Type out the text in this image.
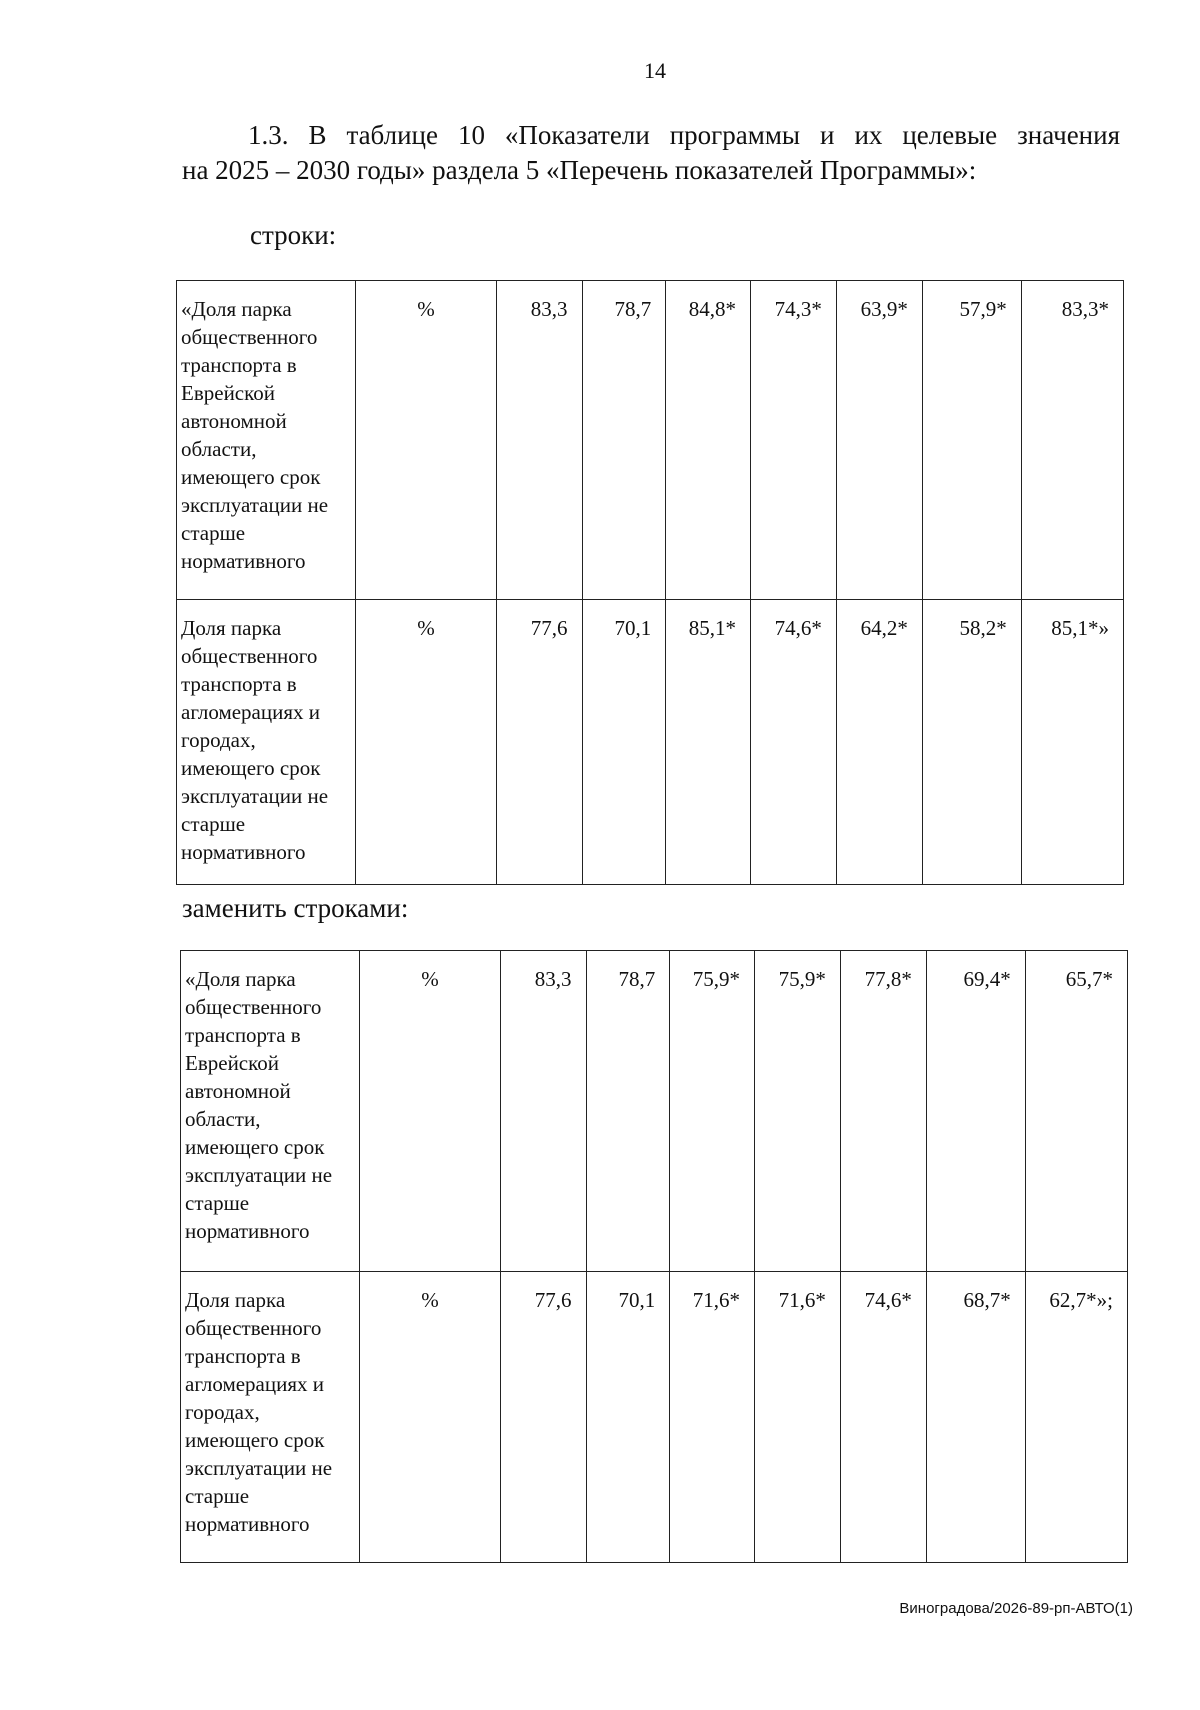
14
1.3. В таблице 10 «Показатели программы и их целевые значения
на 2025 – 2030 годы» раздела 5 «Перечень показателей Программы»:
строки:
«Доля парка общественного транспорта в Еврейской автономной области, имеющего срок эксплуатации не старше нормативного	%	83,3	78,7	84,8*	74,3*	63,9*	57,9*	83,3*
Доля парка общественного транспорта в агломерациях и городах, имеющего срок эксплуатации не старше нормативного	%	77,6	70,1	85,1*	74,6*	64,2*	58,2*	85,1*»
заменить строками:
«Доля парка общественного транспорта в Еврейской автономной области, имеющего срок эксплуатации не старше нормативного	%	83,3	78,7	75,9*	75,9*	77,8*	69,4*	65,7*
Доля парка общественного транспорта в агломерациях и городах, имеющего срок эксплуатации не старше нормативного	%	77,6	70,1	71,6*	71,6*	74,6*	68,7*	62,7*»;
Виноградова/2026-89-рп-АВТО(1)
